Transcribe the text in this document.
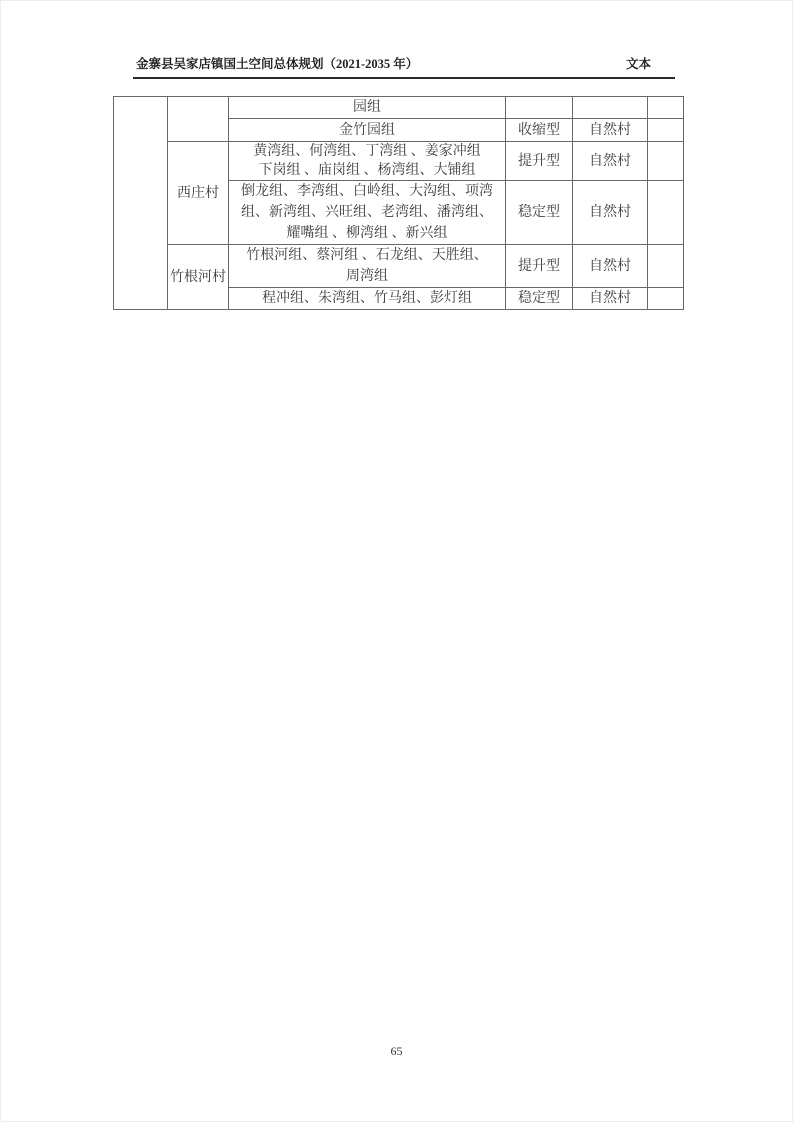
金寨县吴家店镇国土空间总体规划（2021-2035 年）	文本

		园组			

		金竹园组	收缩型	自然村	
	西庄村	黄湾组、何湾组、丁湾组 、姜家冲组
下岗组 、庙岗组 、杨湾组、大铺组	提升型	自然村	

		倒龙组、李湾组、白岭组、大沟组、项湾
组、新湾组、兴旺组、老湾组、潘湾组、
耀嘴组 、柳湾组 、新兴组	稳定型	自然村	
	竹根河村	竹根河组、蔡河组 、石龙组、天胜组、
周湾组	提升型	自然村	

		程冲组、朱湾组、竹马组、彭灯组	稳定型	自然村	
65
